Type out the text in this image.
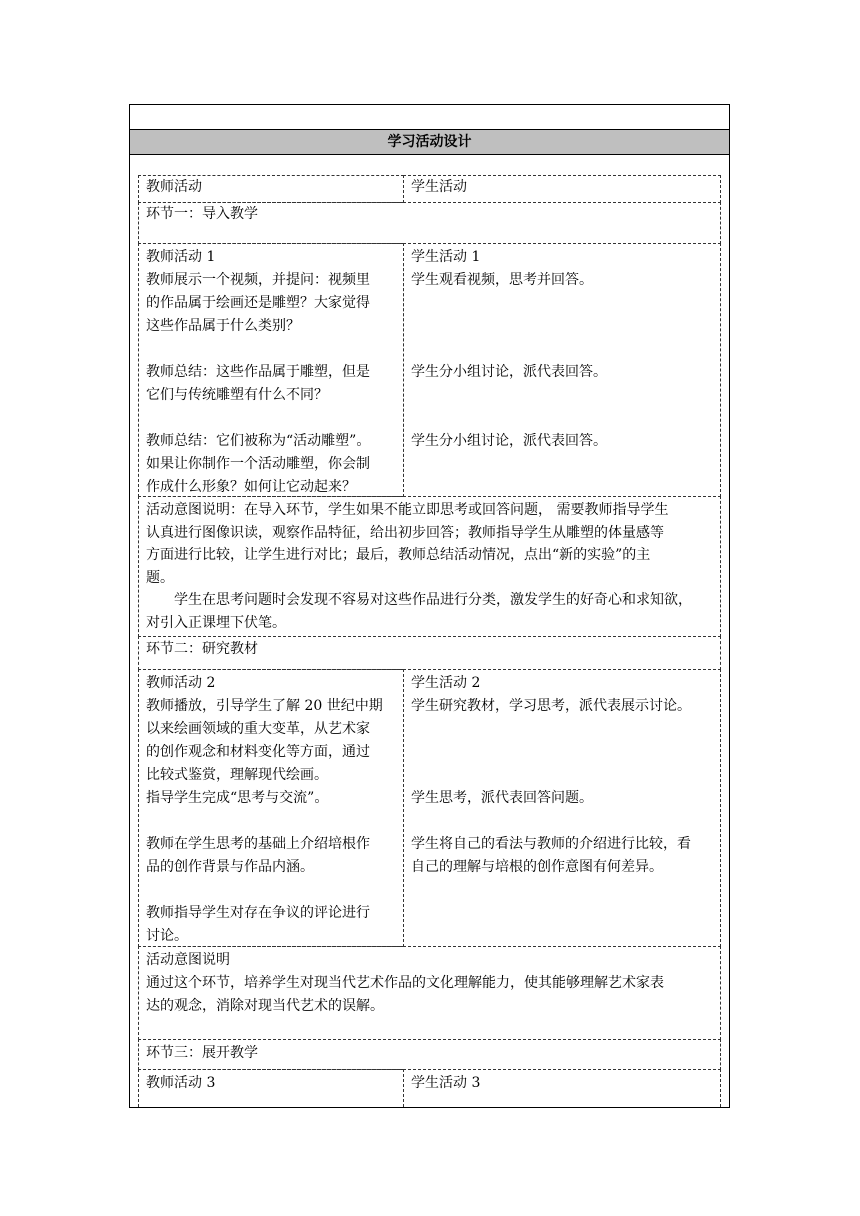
学习活动设计

教师活动	学生活动

环节一：导入教学

教师活动 1

教师展示一个视频，并提问：视频里

的作品属于绘画还是雕塑？大家觉得

这些作品属于什么类别？

教师总结：这些作品属于雕塑，但是

它们与传统雕塑有什么不同？

教师总结：它们被称为“活动雕塑”。

如果让你制作一个活动雕塑，你会制

作成什么形象？如何让它动起来？

学生活动 1

学生观看视频，思考并回答。

学生分小组讨论，派代表回答。

学生分小组讨论，派代表回答。

活动意图说明：在导入环节，学生如果不能立即思考或回答问题， 需要教师指导学生

认真进行图像识读，观察作品特征，给出初步回答；教师指导学生从雕塑的体量感等

方面进行比较，让学生进行对比；最后，教师总结活动情况，点出“新的实验”的主

题。

学生在思考问题时会发现不容易对这些作品进行分类，激发学生的好奇心和求知欲，

对引入正课埋下伏笔。

环节二：研究教材

教师活动 2

教师播放，引导学生了解 20 世纪中期

以来绘画领域的重大变革，从艺术家

的创作观念和材料变化等方面，通过

比较式鉴赏，理解现代绘画。

指导学生完成“思考与交流”。

教师在学生思考的基础上介绍培根作

品的创作背景与作品内涵。

教师指导学生对存在争议的评论进行

讨论。

学生活动 2

学生研究教材，学习思考，派代表展示讨论。

学生思考，派代表回答问题。

学生将自己的看法与教师的介绍进行比较，看

自己的理解与培根的创作意图有何差异。

活动意图说明

通过这个环节，培养学生对现当代艺术作品的文化理解能力，使其能够理解艺术家表

达的观念，消除对现当代艺术的误解。

环节三：展开教学

教师活动 3	学生活动 3
